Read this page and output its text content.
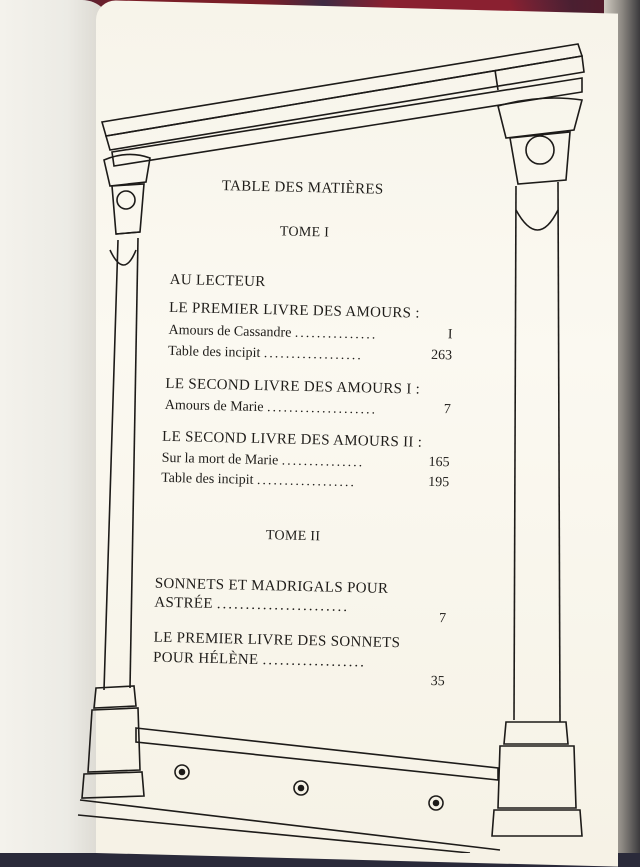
TABLE DES MATIÈRES
TOME I
AU LECTEUR
LE PREMIER LIVRE DES AMOURS :
Amours de Cassandre ...............	I
Table des incipit ..................	263
LE SECOND LIVRE DES AMOURS I :
Amours de Marie ....................	7
LE SECOND LIVRE DES AMOURS II :
Sur la mort de Marie ...............	165
Table des incipit ..................	195
TOME II
SONNETS ET MADRIGALS POUR
ASTRÉE .......................
7
LE PREMIER LIVRE DES SONNETS
POUR HÉLÈNE ..................
35
